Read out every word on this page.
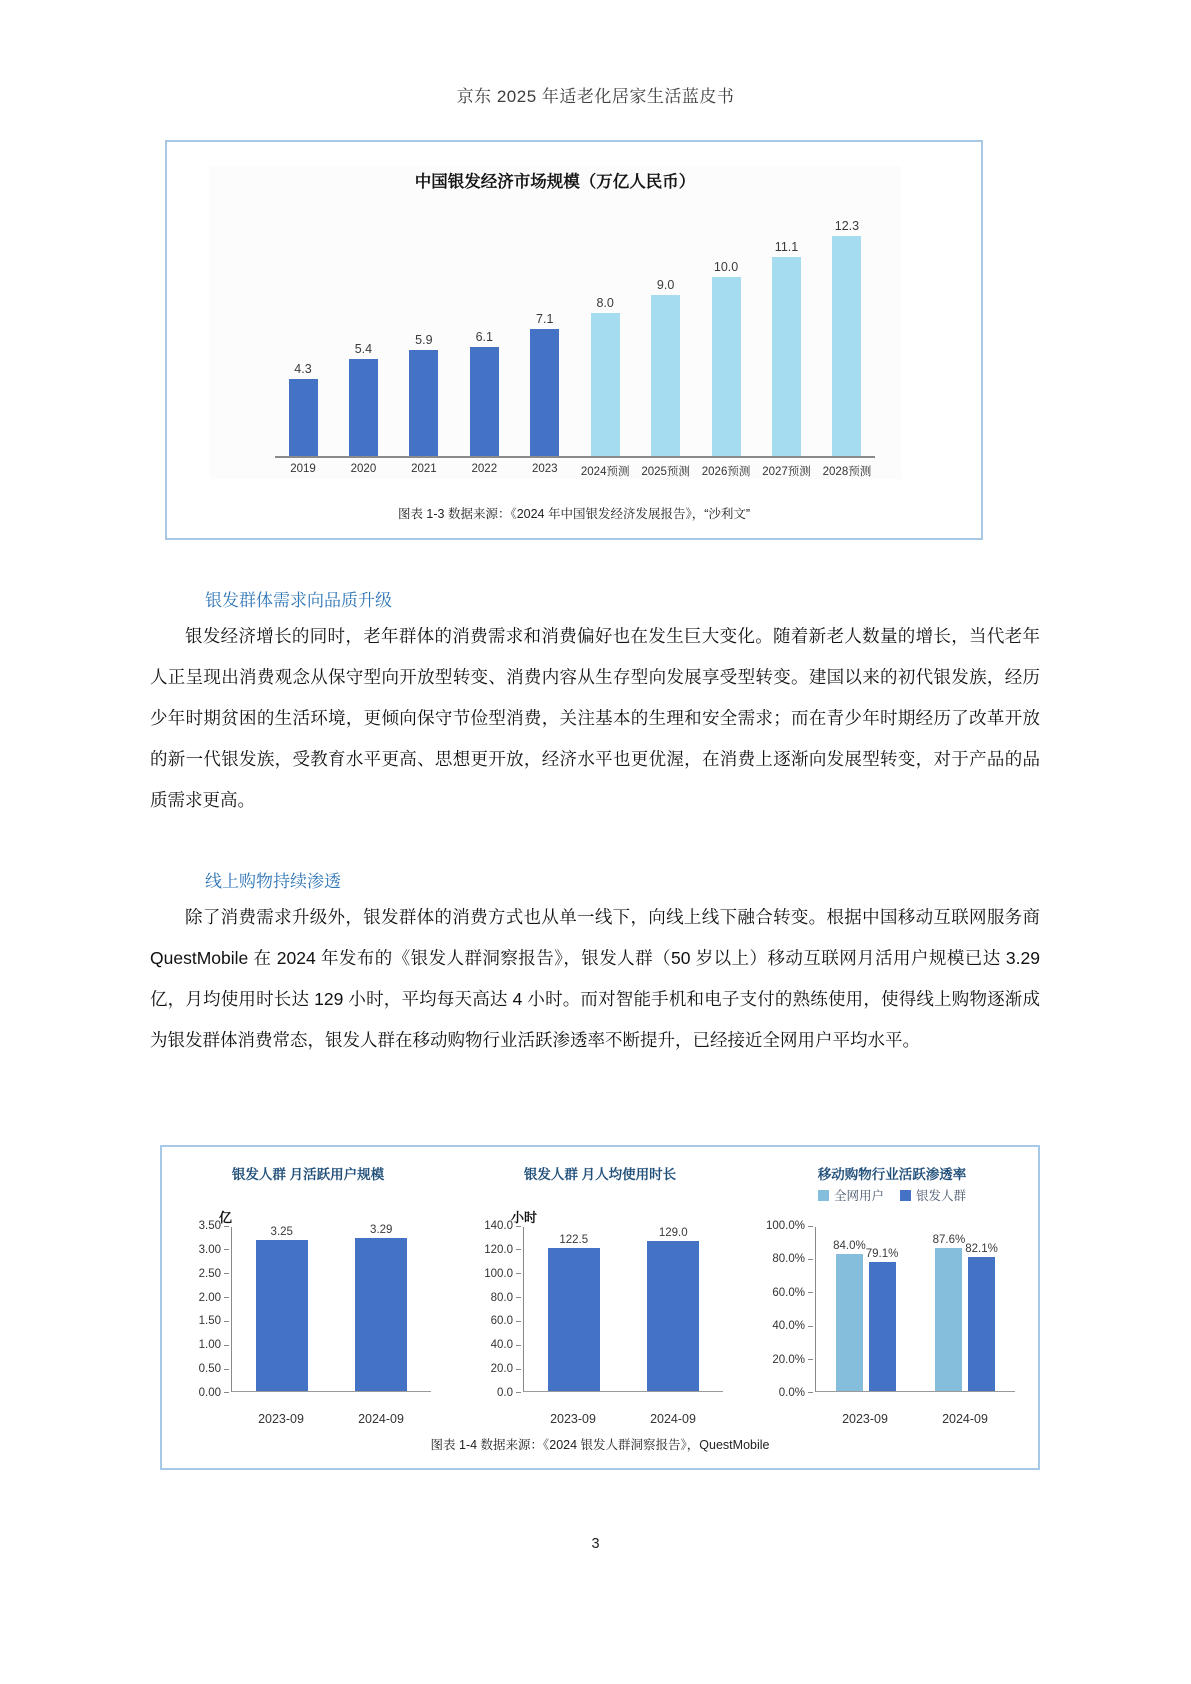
京东 2025 年适老化居家生活蓝皮书
中国银发经济市场规模（万亿人民币）
4.3
5.4
5.9	6.1
7.1
8.0
9.0
10.0
11.1
12.3
2019	2020	2021	2022	2023	2024预测	2025预测	2026预测	2027预测	2028预测
图表 1-3 数据来源：《2024 年中国银发经济发展报告》，“沙利文”
银发群体需求向品质升级
银发经济增长的同时，老年群体的消费需求和消费偏好也在发生巨大变化。随着新老人数量的增长，当代老年人正呈现出消费观念从保守型向开放型转变、消费内容从生存型向发展享受型转变。建国以来的初代银发族，经历少年时期贫困的生活环境，更倾向保守节俭型消费，关注基本的生理和安全需求；而在青少年时期经历了改革开放的新一代银发族，受教育水平更高、思想更开放，经济水平也更优渥，在消费上逐渐向发展型转变，对于产品的品质需求更高。
线上购物持续渗透
除了消费需求升级外，银发群体的消费方式也从单一线下，向线上线下融合转变。根据中国移动互联网服务商 QuestMobile 在 2024 年发布的《银发人群洞察报告》，银发人群（50 岁以上）移动互联网月活用户规模已达 3.29 亿，月均使用时长达 129 小时，平均每天高达 4 小时。而对智能手机和电子支付的熟练使用，使得线上购物逐渐成为银发群体消费常态，银发人群在移动购物行业活跃渗透率不断提升，已经接近全网用户平均水平。
银发人群 月活跃用户规模
亿
3.50
3.00
2.50
2.00
1.50
1.00
0.50
0.00
3.25	3.29
2023-09	2024-09
银发人群 月人均使用时长
小时
140.0
120.0
100.0
80.0
60.0
40.0
20.0
0.0
122.5
129.0
2023-09	2024-09
移动购物行业活跃渗透率
全网用户	银发人群
100.0%
80.0%
60.0%
40.0%
20.0%
0.0%
84.0%
79.1%
87.6%
82.1%
2023-09	2024-09
图表 1-4 数据来源：《2024 银发人群洞察报告》，QuestMobile
3
